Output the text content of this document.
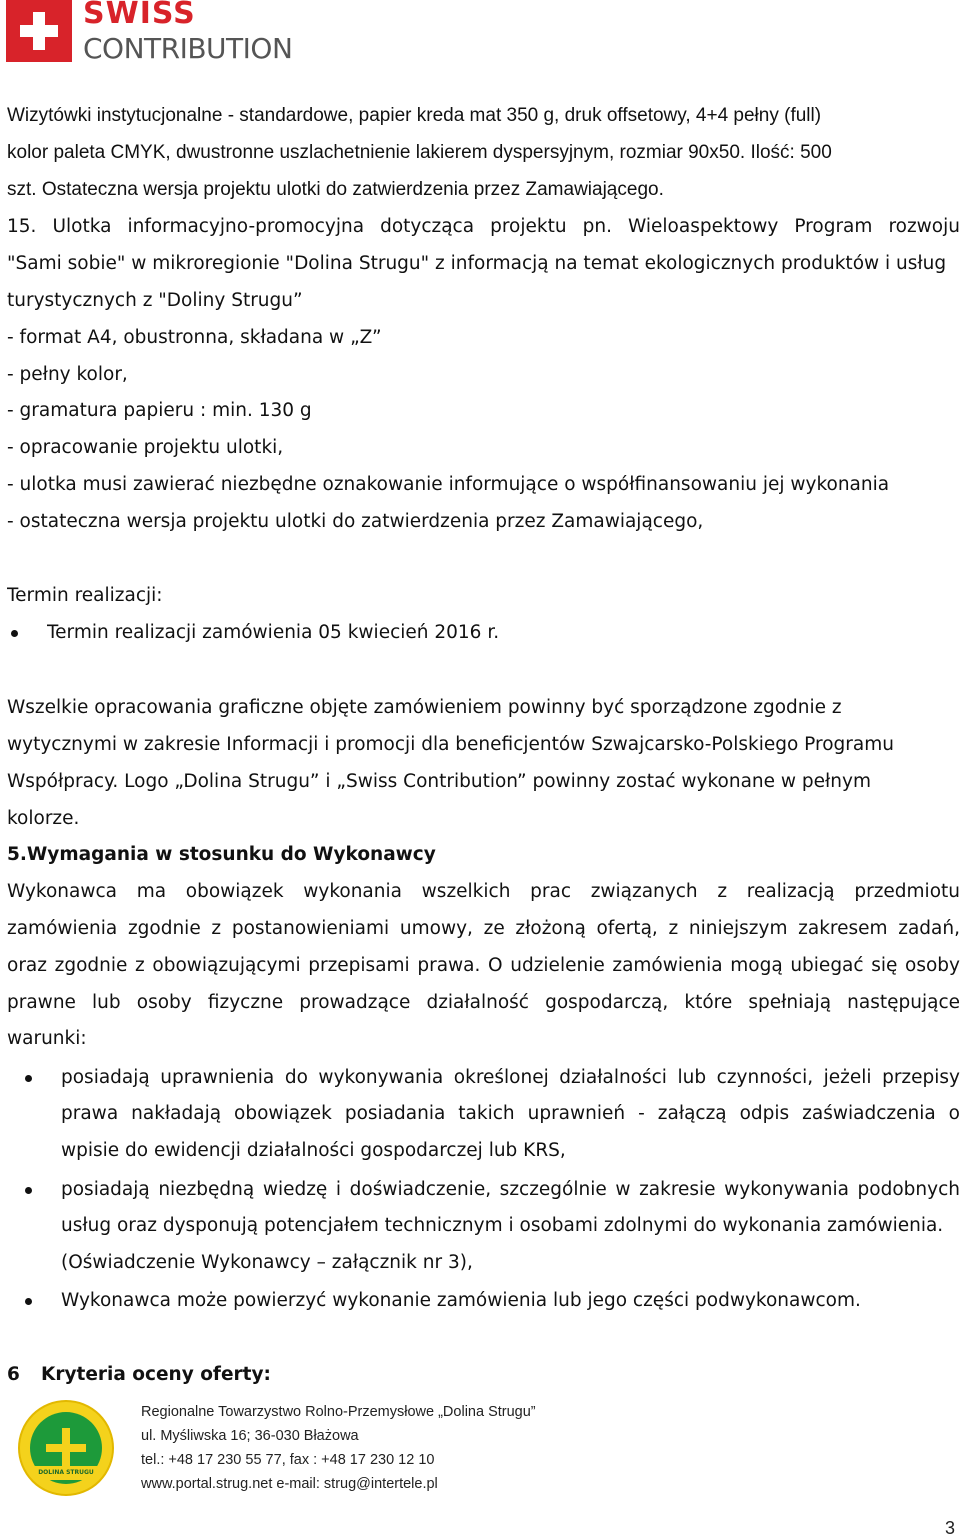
SWISS
CONTRIBUTION
Wizytówki instytucjonalne - standardowe, papier kreda mat 350 g, druk offsetowy, 4+4 pełny (full)
kolor paleta CMYK, dwustronne uszlachetnienie lakierem dyspersyjnym, rozmiar 90x50. Ilość: 500
szt. Ostateczna wersja projektu ulotki do zatwierdzenia przez Zamawiającego.
15. Ulotka informacyjno-promocyjna dotycząca projektu pn. Wieloaspektowy Program rozwoju
"Sami sobie" w mikroregionie "Dolina Strugu" z informacją na temat ekologicznych produktów i usług
turystycznych z "Doliny Strugu”
- format A4, obustronna, składana w „Z”
- pełny kolor,
- gramatura papieru : min. 130 g
- opracowanie projektu ulotki,
- ulotka musi zawierać niezbędne oznakowanie informujące o współfinansowaniu jej wykonania
- ostateczna wersja projektu ulotki do zatwierdzenia przez Zamawiającego,
Termin realizacji:
Termin realizacji zamówienia 05 kwiecień 2016 r.
Wszelkie opracowania graficzne objęte zamówieniem powinny być sporządzone zgodnie z
wytycznymi w zakresie Informacji i promocji dla beneficjentów Szwajcarsko-Polskiego Programu
Współpracy. Logo „Dolina Strugu” i „Swiss Contribution” powinny zostać wykonane w pełnym
kolorze.
5.Wymagania w stosunku do Wykonawcy
Wykonawca ma obowiązek wykonania wszelkich prac związanych z realizacją przedmiotu
zamówienia zgodnie z postanowieniami umowy, ze złożoną ofertą, z niniejszym zakresem zadań,
oraz zgodnie z obowiązującymi przepisami prawa. O udzielenie zamówienia mogą ubiegać się osoby
prawne lub osoby fizyczne prowadzące działalność gospodarczą, które spełniają następujące
warunki:
posiadają uprawnienia do wykonywania określonej działalności lub czynności, jeżeli przepisy
prawa nakładają obowiązek posiadania takich uprawnień - załączą odpis zaświadczenia o
wpisie do ewidencji działalności gospodarczej lub KRS,
posiadają niezbędną wiedzę i doświadczenie, szczególnie w zakresie wykonywania podobnych
usług oraz dysponują potencjałem technicznym i osobami zdolnymi do wykonania zamówienia.
(Oświadczenie Wykonawcy – załącznik nr 3),
Wykonawca może powierzyć wykonanie zamówienia lub jego części podwykonawcom.
6	Kryteria oceny oferty:
DOLINA STRUGU
Regionalne Towarzystwo Rolno-Przemysłowe „Dolina Strugu”
ul. Myśliwska 16; 36-030 Błażowa
tel.: +48 17 230 55 77, fax : +48 17 230 12 10
www.portal.strug.net e-mail: strug@intertele.pl
3
